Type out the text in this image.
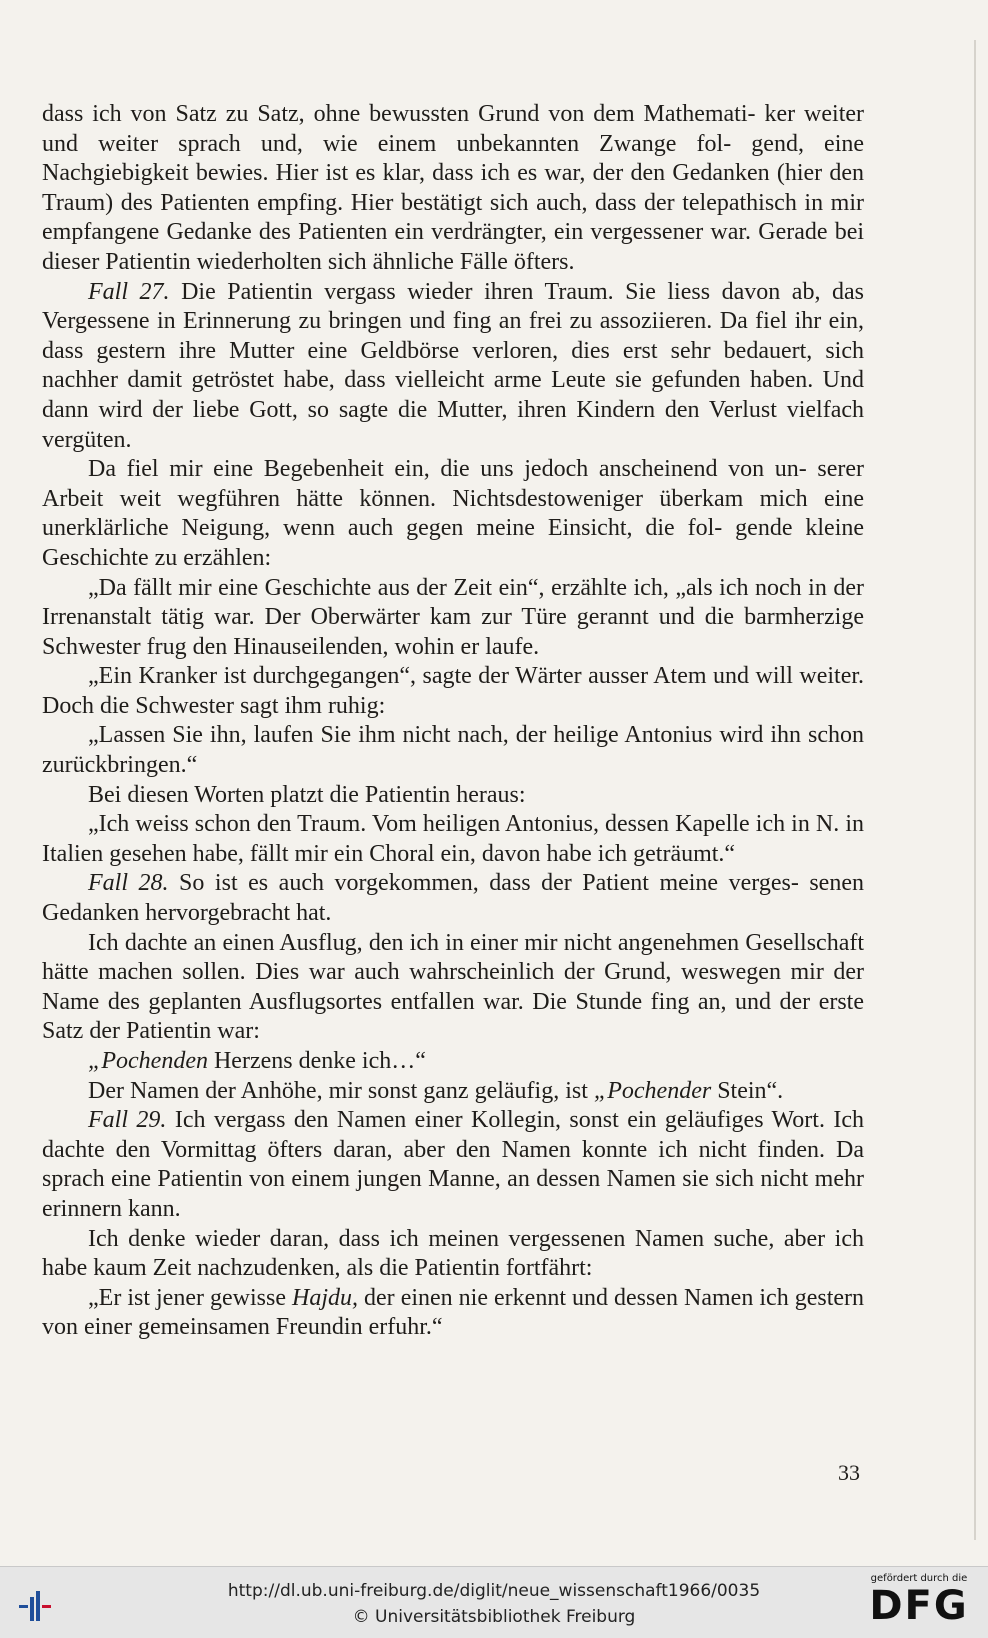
dass ich von Satz zu Satz, ohne bewussten Grund von dem Mathemati- ker weiter und weiter sprach und, wie einem unbekannten Zwange fol- gend, eine Nachgiebigkeit bewies. Hier ist es klar, dass ich es war, der den Gedanken (hier den Traum) des Patienten empfing. Hier bestätigt sich auch, dass der telepathisch in mir empfangene Gedanke des Patienten ein verdrängter, ein vergessener war. Gerade bei dieser Patientin wiederholten sich ähnliche Fälle öfters.

Fall 27. Die Patientin vergass wieder ihren Traum. Sie liess davon ab, das Vergessene in Erinnerung zu bringen und fing an frei zu assoziieren. Da fiel ihr ein, dass gestern ihre Mutter eine Geldbörse verloren, dies erst sehr bedauert, sich nachher damit getröstet habe, dass vielleicht arme Leute sie gefunden haben. Und dann wird der liebe Gott, so sagte die Mutter, ihren Kindern den Verlust vielfach vergüten.

Da fiel mir eine Begebenheit ein, die uns jedoch anscheinend von un- serer Arbeit weit wegführen hätte können. Nichtsdestoweniger überkam mich eine unerklärliche Neigung, wenn auch gegen meine Einsicht, die fol- gende kleine Geschichte zu erzählen:

„Da fällt mir eine Geschichte aus der Zeit ein“, erzählte ich, „als ich noch in der Irrenanstalt tätig war. Der Oberwärter kam zur Türe gerannt und die barmherzige Schwester frug den Hinauseilenden, wohin er laufe.

„Ein Kranker ist durchgegangen“, sagte der Wärter ausser Atem und will weiter. Doch die Schwester sagt ihm ruhig:

„Lassen Sie ihn, laufen Sie ihm nicht nach, der heilige Antonius wird ihn schon zurückbringen.“

Bei diesen Worten platzt die Patientin heraus:

„Ich weiss schon den Traum. Vom heiligen Antonius, dessen Kapelle ich in N. in Italien gesehen habe, fällt mir ein Choral ein, davon habe ich geträumt.“

Fall 28. So ist es auch vorgekommen, dass der Patient meine verges- senen Gedanken hervorgebracht hat.

Ich dachte an einen Ausflug, den ich in einer mir nicht angenehmen Gesellschaft hätte machen sollen. Dies war auch wahrscheinlich der Grund, weswegen mir der Name des geplanten Ausflugsortes entfallen war. Die Stunde fing an, und der erste Satz der Patientin war:

„Pochenden Herzens denke ich…“

Der Namen der Anhöhe, mir sonst ganz geläufig, ist „Pochender Stein“.

Fall 29. Ich vergass den Namen einer Kollegin, sonst ein geläufiges Wort. Ich dachte den Vormittag öfters daran, aber den Namen konnte ich nicht finden. Da sprach eine Patientin von einem jungen Manne, an dessen Namen sie sich nicht mehr erinnern kann.

Ich denke wieder daran, dass ich meinen vergessenen Namen suche, aber ich habe kaum Zeit nachzudenken, als die Patientin fortfährt:

„Er ist jener gewisse Hajdu, der einen nie erkennt und dessen Namen ich gestern von einer gemeinsamen Freundin erfuhr.“

33
http://dl.ub.uni-freiburg.de/diglit/neue_wissenschaft1966/0035
© Universitätsbibliothek Freiburg
gefördert durch die
DFG
